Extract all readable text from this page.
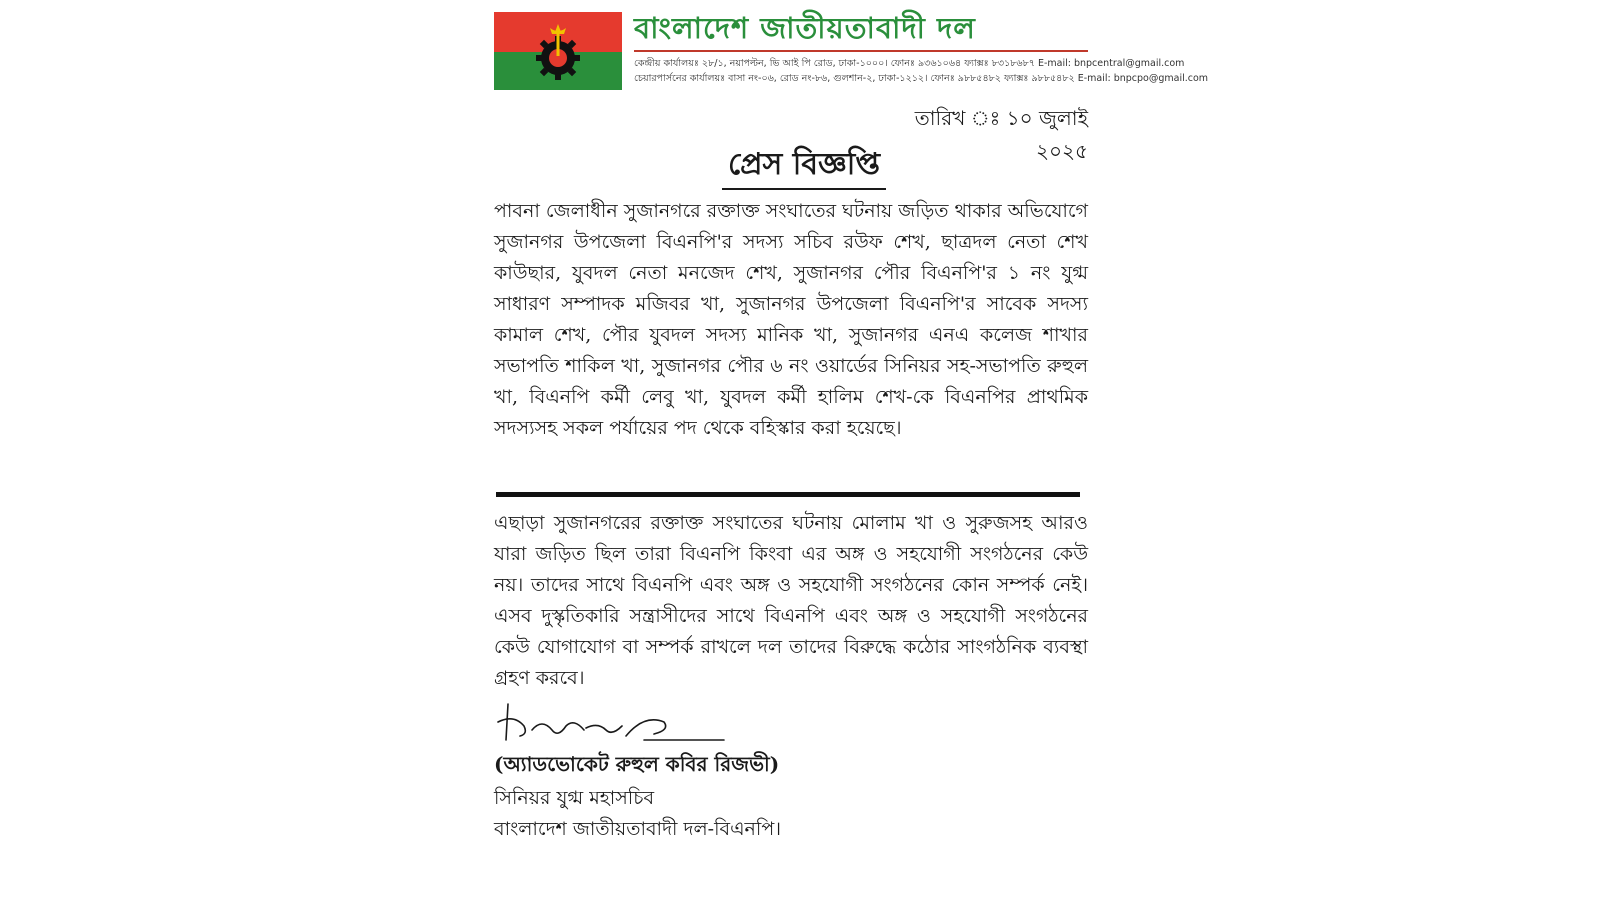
বাংলাদেশ জাতীয়তাবাদী দল
কেন্দ্রীয় কার্যালয়ঃ ২৮/১, নয়াপল্টন, ভি আই পি রোড, ঢাকা-১০০০। ফোনঃ ৯৩৬১০৬৪ ফ্যাক্সঃ ৮৩১৮৬৮৭ E-mail: bnpcentral@gmail.com
চেয়ারপার্সনের কার্যালয়ঃ বাসা নং-০৬, রোড নং-৮৬, গুলশান-২, ঢাকা-১২১২। ফোনঃ ৯৮৮৫৪৮২ ফ্যাক্সঃ ৯৮৮৫৪৮২ E-mail: bnpcpo@gmail.com
তারিখ ঃ ১০ জুলাই ২০২৫
প্রেস বিজ্ঞপ্তি
পাবনা জেলাধীন সুজানগরে রক্তাক্ত সংঘাতের ঘটনায় জড়িত থাকার অভিযোগে সুজানগর উপজেলা বিএনপি'র সদস্য সচিব রউফ শেখ, ছাত্রদল নেতা শেখ কাউছার, যুবদল নেতা মনজেদ শেখ, সুজানগর পৌর বিএনপি'র ১ নং যুগ্ম সাধারণ সম্পাদক মজিবর খা, সুজানগর উপজেলা বিএনপি'র সাবেক সদস্য কামাল শেখ, পৌর যুবদল সদস্য মানিক খা, সুজানগর এনএ কলেজ শাখার সভাপতি শাকিল খা, সুজানগর পৌর ৬ নং ওয়ার্ডের সিনিয়র সহ-সভাপতি রুহুল খা, বিএনপি কর্মী লেবু খা, যুবদল কর্মী হালিম শেখ-কে বিএনপির প্রাথমিক সদস্যসহ সকল পর্যায়ের পদ থেকে বহিস্কার করা হয়েছে।
এছাড়া সুজানগরের রক্তাক্ত সংঘাতের ঘটনায় মোলাম খা ও সুরুজসহ আরও যারা জড়িত ছিল তারা বিএনপি কিংবা এর অঙ্গ ও সহযোগী সংগঠনের কেউ নয়। তাদের সাথে বিএনপি এবং অঙ্গ ও সহযোগী সংগঠনের কোন সম্পর্ক নেই। এসব দুস্কৃতিকারি সন্ত্রাসীদের সাথে বিএনপি এবং অঙ্গ ও সহযোগী সংগঠনের কেউ যোগাযোগ বা সম্পর্ক রাখলে দল তাদের বিরুদ্ধে কঠোর সাংগঠনিক ব্যবস্থা গ্রহণ করবে।
(অ্যাডভোকেট রুহুল কবির রিজভী)
সিনিয়র যুগ্ম মহাসচিব
বাংলাদেশ জাতীয়তাবাদী দল-বিএনপি।
